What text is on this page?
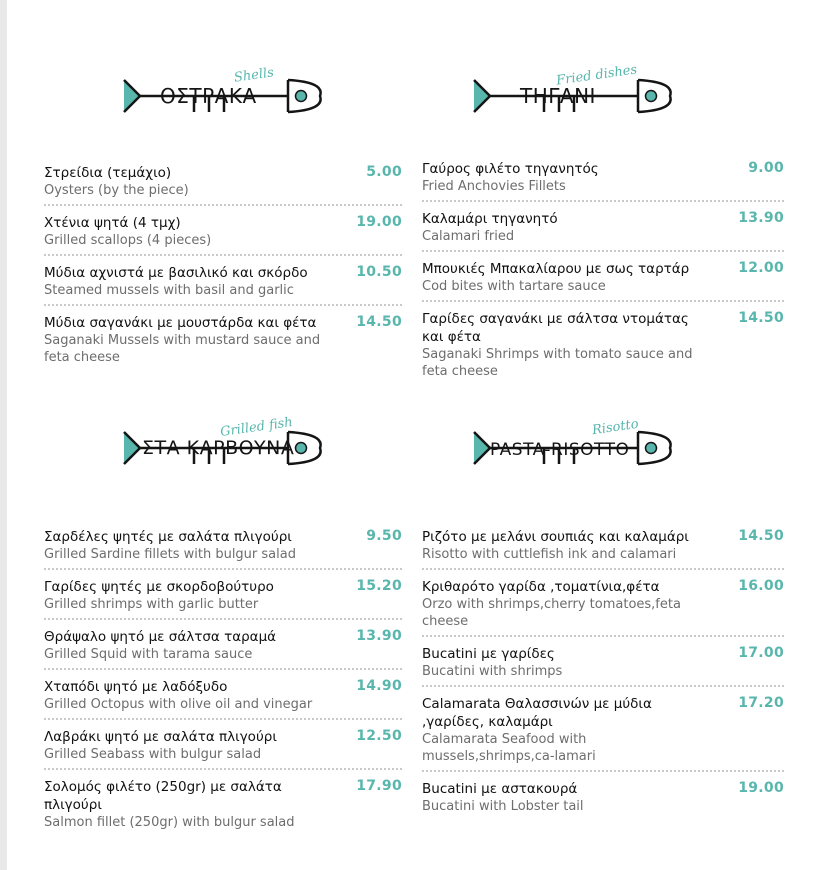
Shells
ΟΣΤΡΑΚΑ
Στρείδια (τεμάχιο)
Oysters (by the piece)
5.00
Χτένια ψητά (4 τμχ)
Grilled scallops (4 pieces)
19.00
Μύδια αχνιστά με βασιλικό και σκόρδο
Steamed mussels with basil and garlic
10.50
Μύδια σαγανάκι με μουστάρδα και φέτα
Saganaki Mussels with mustard sauce and feta cheese
14.50
Fried dishes
ΤΗΓΑΝΙ
Γαύρος φιλέτο τηγανητός
Fried Anchovies Fillets
9.00
Καλαμάρι τηγανητό
Calamari fried
13.90
Μπουκιές Μπακαλίαρου με σως ταρτάρ
Cod bites with tartare sauce
12.00
Γαρίδες σαγανάκι με σάλτσα ντομάτας και φέτα
Saganaki Shrimps with tomato sauce and feta cheese
14.50
Grilled fish
ΣΤΑ ΚΑΡΒΟΥΝΑ
Σαρδέλες ψητές με σαλάτα πλιγούρι
Grilled Sardine fillets with bulgur salad
9.50
Γαρίδες ψητές με σκορδοβούτυρο
Grilled shrimps with garlic butter
15.20
Θράψαλο ψητό με σάλτσα ταραμά
Grilled Squid with tarama sauce
13.90
Χταπόδι ψητό με λαδόξυδο
Grilled Octopus with olive oil and vinegar
14.90
Λαβράκι ψητό με σαλάτα πλιγούρι
Grilled Seabass with bulgur salad
12.50
Σολομός φιλέτο (250gr) με σαλάτα πλιγούρι
Salmon fillet (250gr) with bulgur salad
17.90
Risotto
PASTA-RISOTTO
Ριζότο με μελάνι σουπιάς και καλαμάρι
Risotto with cuttlefish ink and calamari
14.50
Κριθαρότο γαρίδα ,τοματίνια,φέτα
Orzo with shrimps,cherry tomatoes,feta cheese
16.00
Bucatini με γαρίδες
Bucatini with shrimps
17.00
Calamarata Θαλασσινών με μύδια ,γαρίδες, καλαμάρι
Calamarata Seafood with mussels,shrimps,ca-lamari
17.20
Bucatini με αστακουρά
Bucatini with Lobster tail
19.00
